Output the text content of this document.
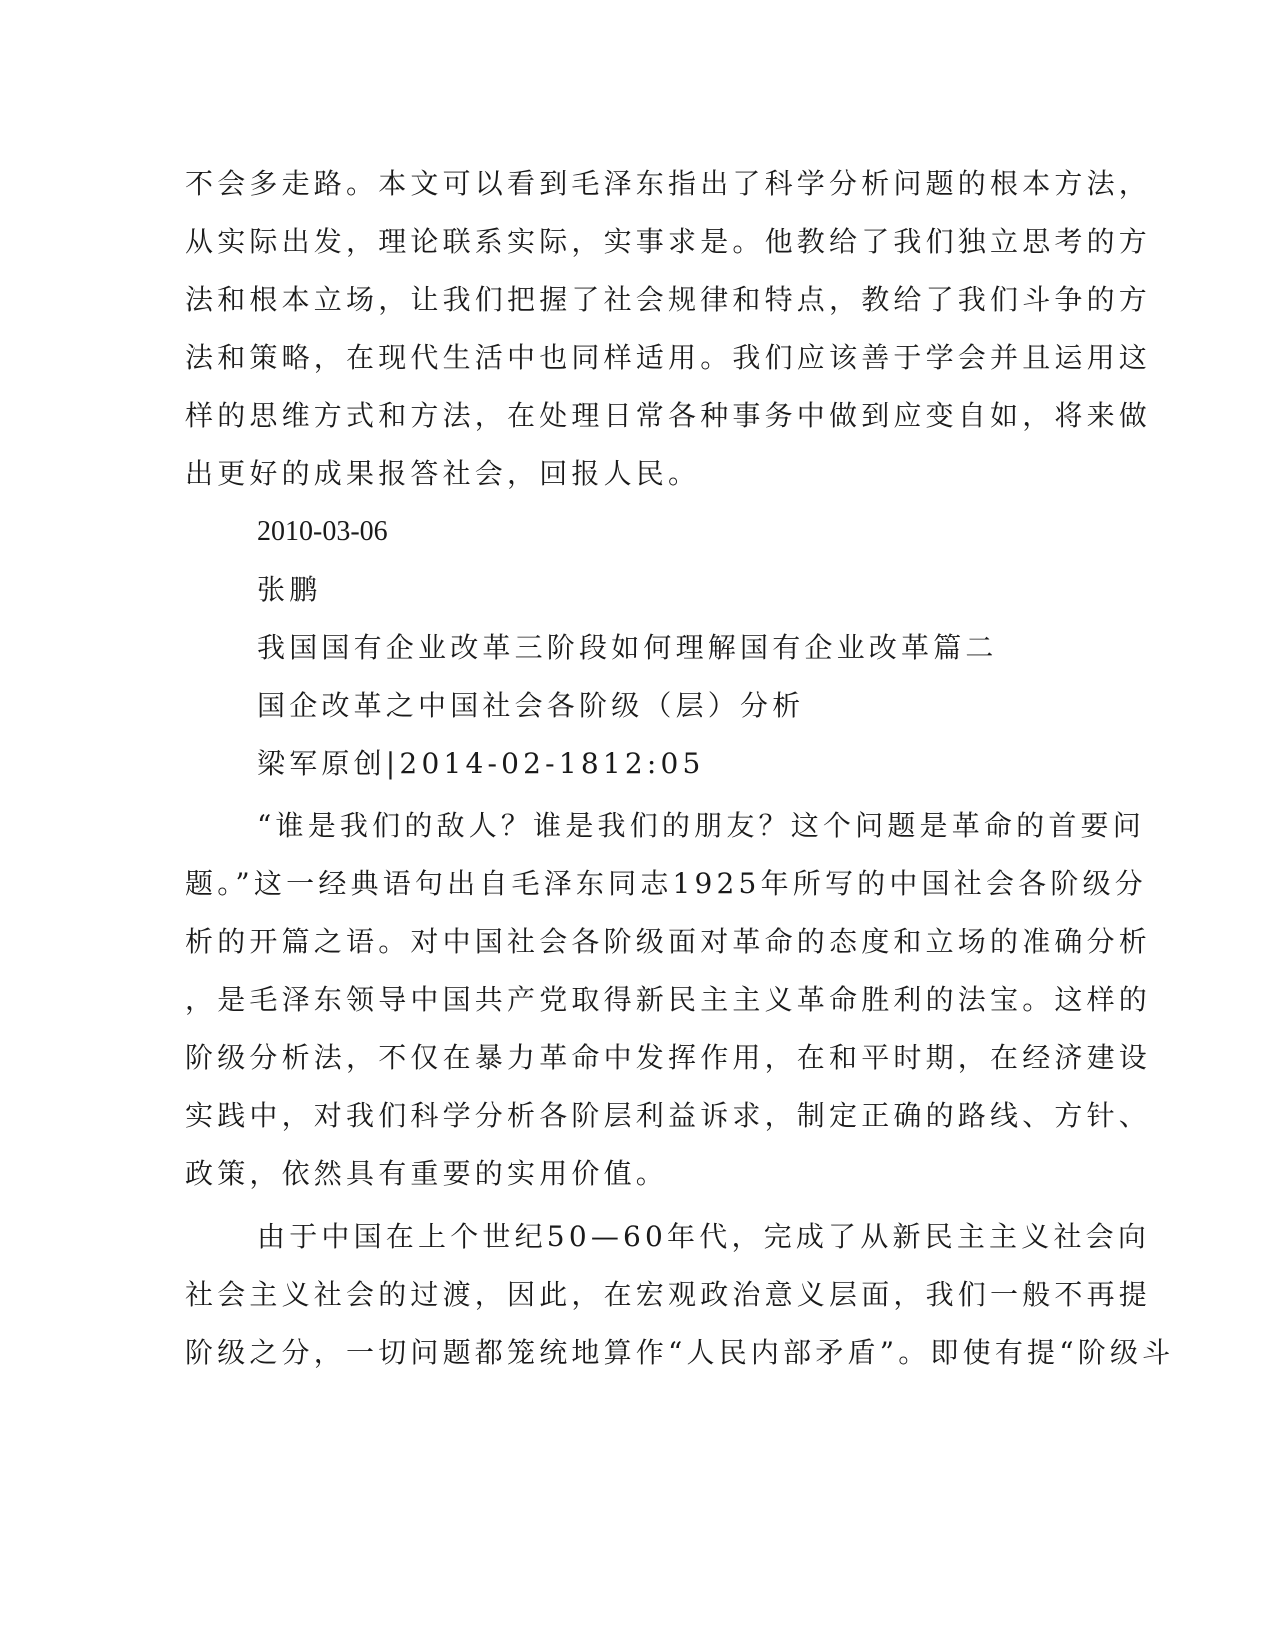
不会多走路。本文可以看到毛泽东指出了科学分析问题的根本方法，
从实际出发，理论联系实际，实事求是。他教给了我们独立思考的方
法和根本立场，让我们把握了社会规律和特点，教给了我们斗争的方
法和策略，在现代生活中也同样适用。我们应该善于学会并且运用这
样的思维方式和方法，在处理日常各种事务中做到应变自如，将来做
出更好的成果报答社会，回报人民。
2010-03-06
张鹏
我国国有企业改革三阶段如何理解国有企业改革篇二
国企改革之中国社会各阶级（层）分析
梁军原创|2014-02-1812:05
“谁是我们的敌人？谁是我们的朋友？这个问题是革命的首要问
题。”这一经典语句出自毛泽东同志1925年所写的中国社会各阶级分
析的开篇之语。对中国社会各阶级面对革命的态度和立场的准确分析
，是毛泽东领导中国共产党取得新民主主义革命胜利的法宝。这样的
阶级分析法，不仅在暴力革命中发挥作用，在和平时期，在经济建设
实践中，对我们科学分析各阶层利益诉求，制定正确的路线、方针、
政策，依然具有重要的实用价值。
由于中国在上个世纪50—60年代，完成了从新民主主义社会向
社会主义社会的过渡，因此，在宏观政治意义层面，我们一般不再提
阶级之分，一切问题都笼统地算作“人民内部矛盾”。即使有提“阶级斗
